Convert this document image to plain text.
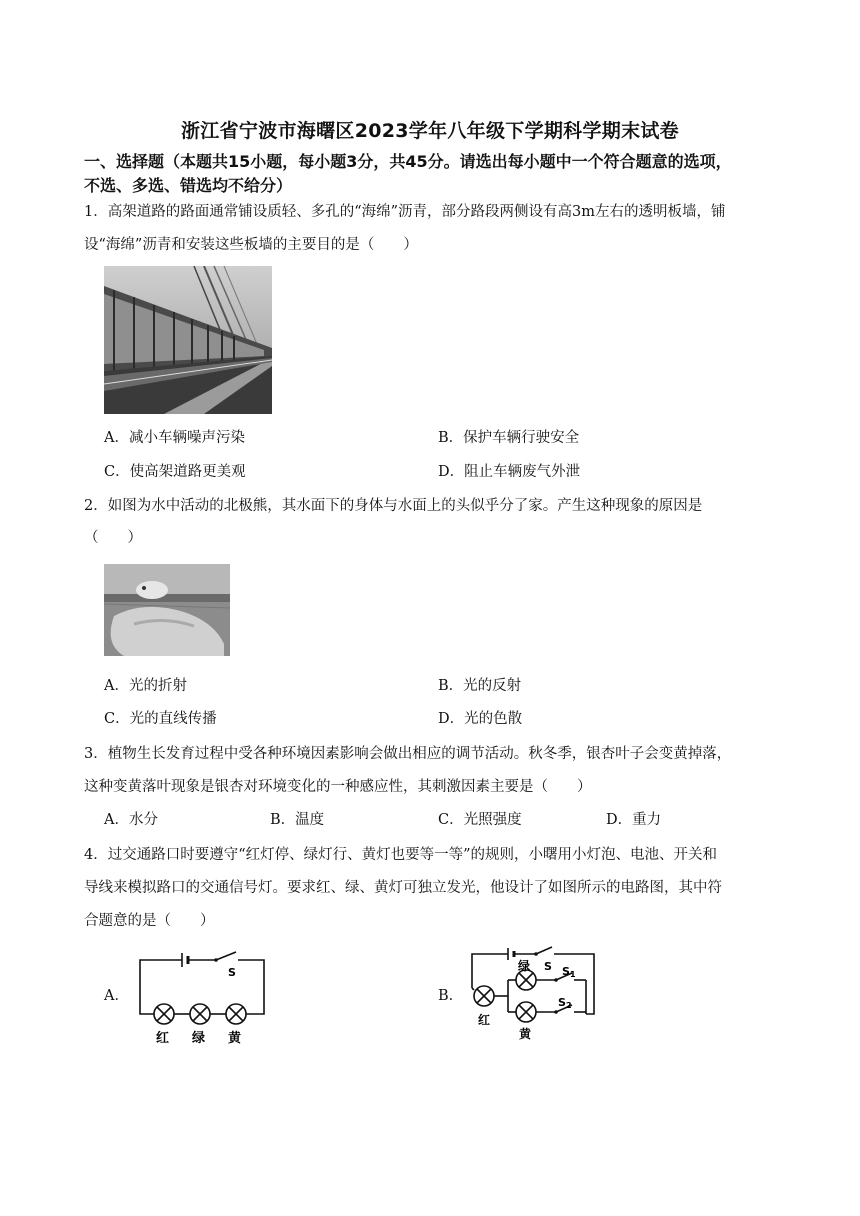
浙江省宁波市海曙区2023学年八年级下学期科学期末试卷
一、选择题（本题共15小题，每小题3分，共45分。请选出每小题中一个符合题意的选项，
不选、多选、错选均不给分）
1．高架道路的路面通常铺设质轻、多孔的“海绵”沥青，部分路段两侧设有高3m左右的透明板墙，铺
设“海绵”沥青和安装这些板墙的主要目的是（　　）
A．减小车辆噪声污染	B．保护车辆行驶安全
C．使高架道路更美观	D．阻止车辆废气外泄
2．如图为水中活动的北极熊，其水面下的身体与水面上的头似乎分了家。产生这种现象的原因是
（　　）
A．光的折射	B．光的反射
C．光的直线传播	D．光的色散
3．植物生长发育过程中受各种环境因素影响会做出相应的调节活动。秋冬季，银杏叶子会变黄掉落，
这种变黄落叶现象是银杏对环境变化的一种感应性，其刺激因素主要是（　　）
A．水分	B．温度	C．光照强度	D．重力
4．过交通路口时要遵守“红灯停、绿灯行、黄灯也要等一等”的规则，小曙用小灯泡、电池、开关和
导线来模拟路口的交通信号灯。要求红、绿、黄灯可独立发光，他设计了如图所示的电路图，其中符
合题意的是（　　）
A．
S
红 绿 黄
B．
绿 S S1
S2
红
黄
